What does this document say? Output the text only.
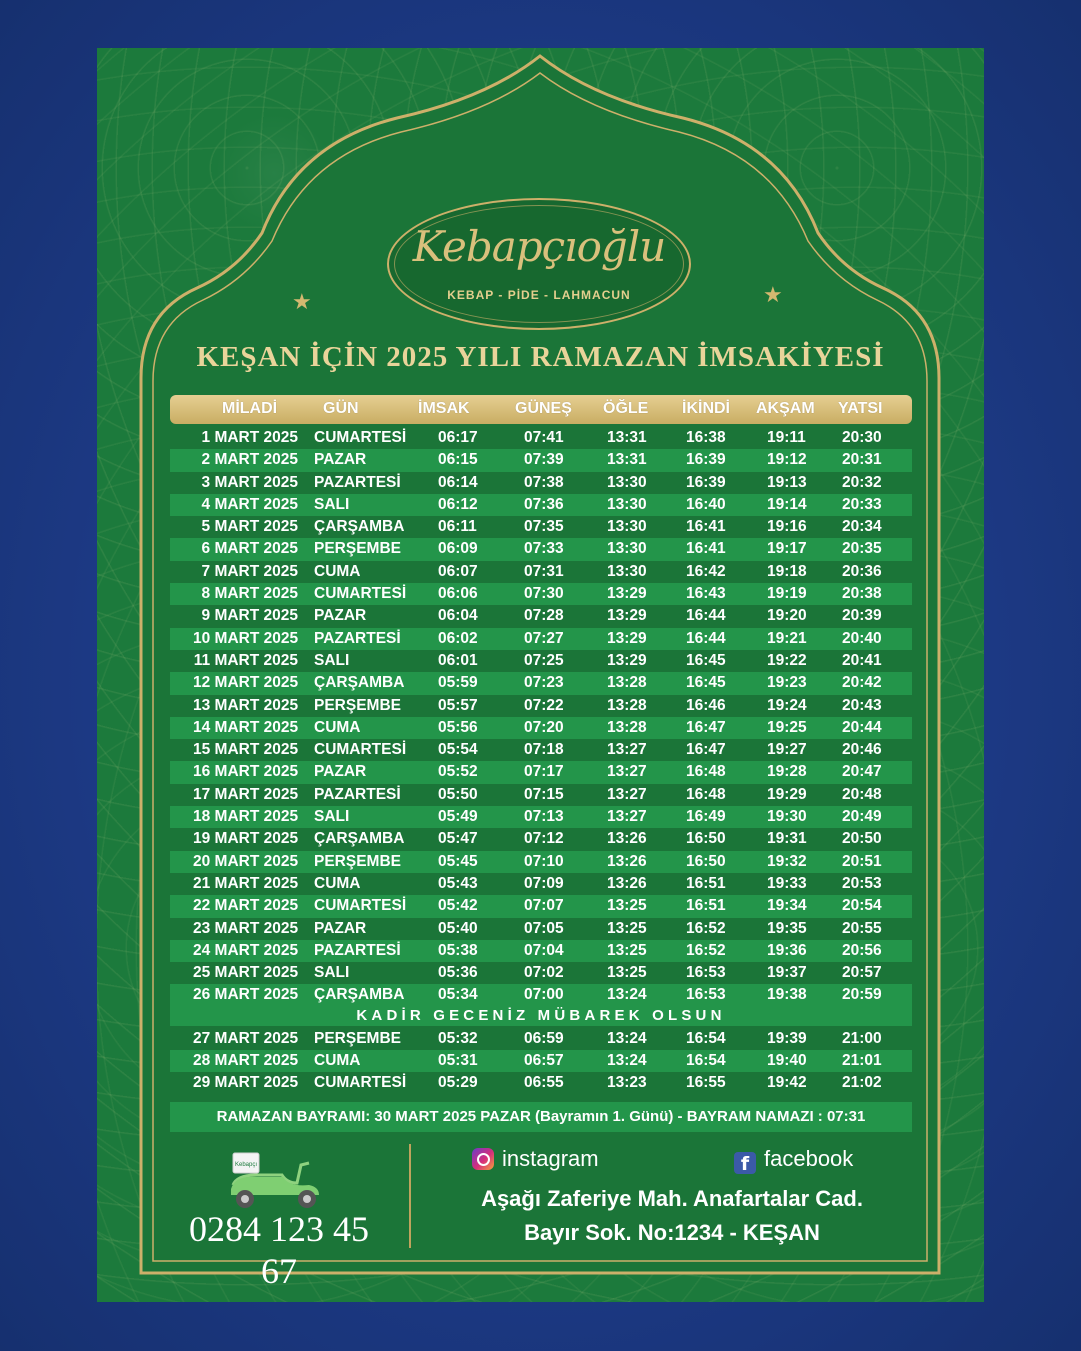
★	★
Kebapçıoğlu
KEBAP - PİDE - LAHMACUN
KEŞAN İÇİN 2025 YILI RAMAZAN İMSAKİYESİ
MİLADİ	GÜN	İMSAK	GÜNEŞ ÖĞLE İKİNDİ AKŞAM YATSI
1 MART 2025 CUMARTESİ 06:17	07:41	13:31	16:38	19:11 20:30
2 MART 2025 PAZAR	06:15	07:39	13:31	16:39	19:12 20:31
3 MART 2025 PAZARTESİ 06:14	07:38	13:30	16:39	19:13 20:32
4 MART 2025 SALI	06:12	07:36	13:30	16:40	19:14 20:33
5 MART 2025 ÇARŞAMBA 06:11	07:35	13:30	16:41	19:16 20:34
6 MART 2025 PERŞEMBE 06:09	07:33	13:30	16:41	19:17 20:35
7 MART 2025 CUMA	06:07	07:31	13:30	16:42	19:18 20:36
8 MART 2025 CUMARTESİ 06:06	07:30	13:29	16:43	19:19 20:38
9 MART 2025 PAZAR	06:04	07:28	13:29	16:44	19:20 20:39
10 MART 2025 PAZARTESİ 06:02	07:27	13:29	16:44	19:21 20:40
11 MART 2025 SALI	06:01	07:25	13:29	16:45	19:22 20:41
12 MART 2025 ÇARŞAMBA 05:59	07:23	13:28	16:45	19:23 20:42
13 MART 2025 PERŞEMBE 05:57	07:22	13:28	16:46	19:24 20:43
14 MART 2025 CUMA	05:56	07:20	13:28	16:47	19:25 20:44
15 MART 2025 CUMARTESİ 05:54	07:18	13:27	16:47	19:27 20:46
16 MART 2025 PAZAR	05:52	07:17	13:27	16:48	19:28 20:47
17 MART 2025 PAZARTESİ 05:50	07:15	13:27	16:48	19:29 20:48
18 MART 2025 SALI	05:49	07:13	13:27	16:49	19:30 20:49
19 MART 2025 ÇARŞAMBA 05:47	07:12	13:26	16:50	19:31 20:50
20 MART 2025 PERŞEMBE 05:45	07:10	13:26	16:50	19:32 20:51
21 MART 2025 CUMA	05:43	07:09	13:26	16:51	19:33 20:53
22 MART 2025 CUMARTESİ 05:42	07:07	13:25	16:51	19:34 20:54
23 MART 2025 PAZAR	05:40	07:05	13:25	16:52	19:35 20:55
24 MART 2025 PAZARTESİ 05:38	07:04	13:25	16:52	19:36 20:56
25 MART 2025 SALI	05:36	07:02	13:25	16:53	19:37 20:57
26 MART 2025 ÇARŞAMBA 05:34	07:00	13:24	16:53	19:38 20:59
KADİR GECENİZ MÜBAREK OLSUN
27 MART 2025 PERŞEMBE 05:32	06:59	13:24	16:54	19:39 21:00
28 MART 2025 CUMA	05:31	06:57	13:24	16:54	19:40 21:01
29 MART 2025 CUMARTESİ 05:29	06:55	13:23	16:55	19:42 21:02
RAMAZAN BAYRAMI: 30 MART 2025 PAZAR (Bayramın 1. Günü) - BAYRAM NAMAZI : 07:31
Kebapçı
0284 123 45 67
instagram	f facebook
Aşağı Zaferiye Mah. Anafartalar Cad.
Bayır Sok. No:1234 - KEŞAN
